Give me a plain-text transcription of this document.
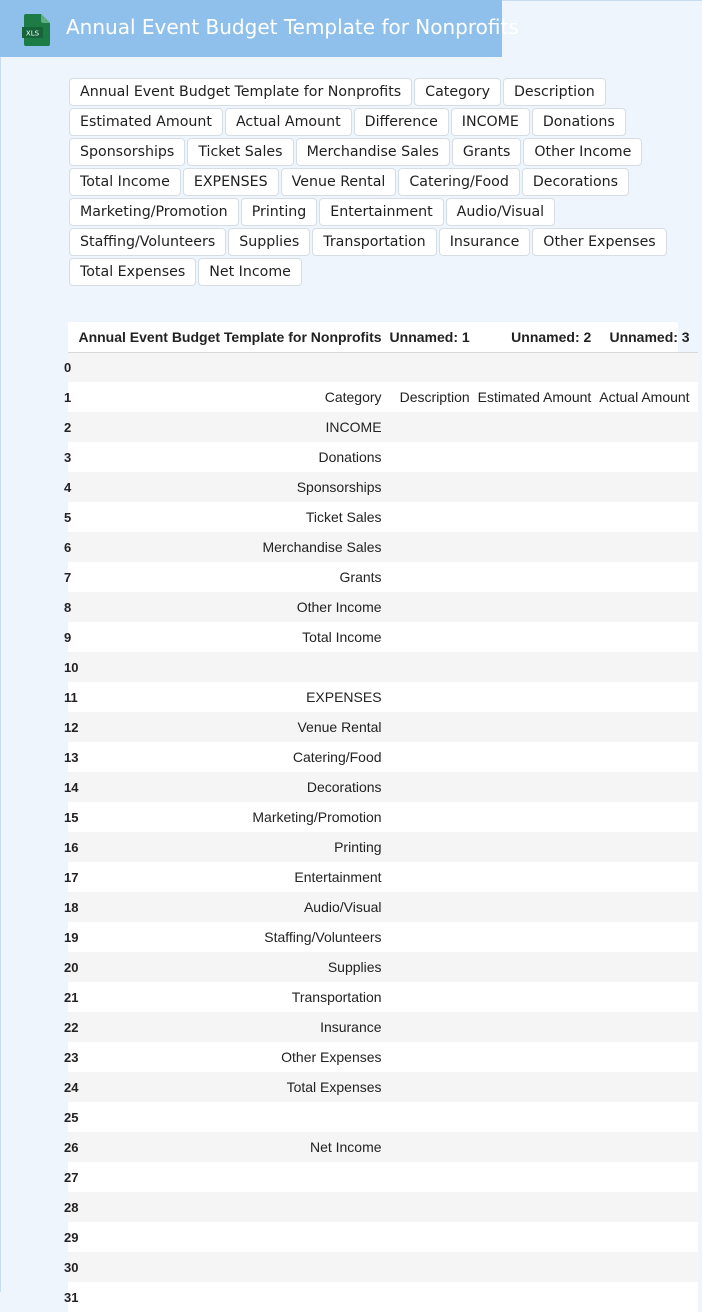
XLS Annual Event Budget Template for Nonprofits
Annual Event Budget Template for Nonprofits	Category	Description
Estimated Amount	Actual Amount	Difference	INCOME	Donations
Sponsorships	Ticket Sales	Merchandise Sales	Grants	Other Income
Total Income	EXPENSES	Venue Rental	Catering/Food	Decorations
Marketing/Promotion	Printing	Entertainment	Audio/Visual
Staffing/Volunteers	Supplies	Transportation	Insurance	Other Expenses
Total Expenses	Net Income
	Annual Event Budget Template for Nonprofits	Unnamed: 1	Unnamed: 2	Unnamed: 3
0				
1	Category	Description	Estimated Amount	Actual Amount
2	INCOME			
3	Donations			
4	Sponsorships			
5	Ticket Sales			
6	Merchandise Sales			
7	Grants			
8	Other Income			
9	Total Income			
10				
11	EXPENSES			
12	Venue Rental			
13	Catering/Food			
14	Decorations			
15	Marketing/Promotion			
16	Printing			
17	Entertainment			
18	Audio/Visual			
19	Staffing/Volunteers			
20	Supplies			
21	Transportation			
22	Insurance			
23	Other Expenses			
24	Total Expenses			
25				
26	Net Income			
27				
28				
29				
30				
31				
